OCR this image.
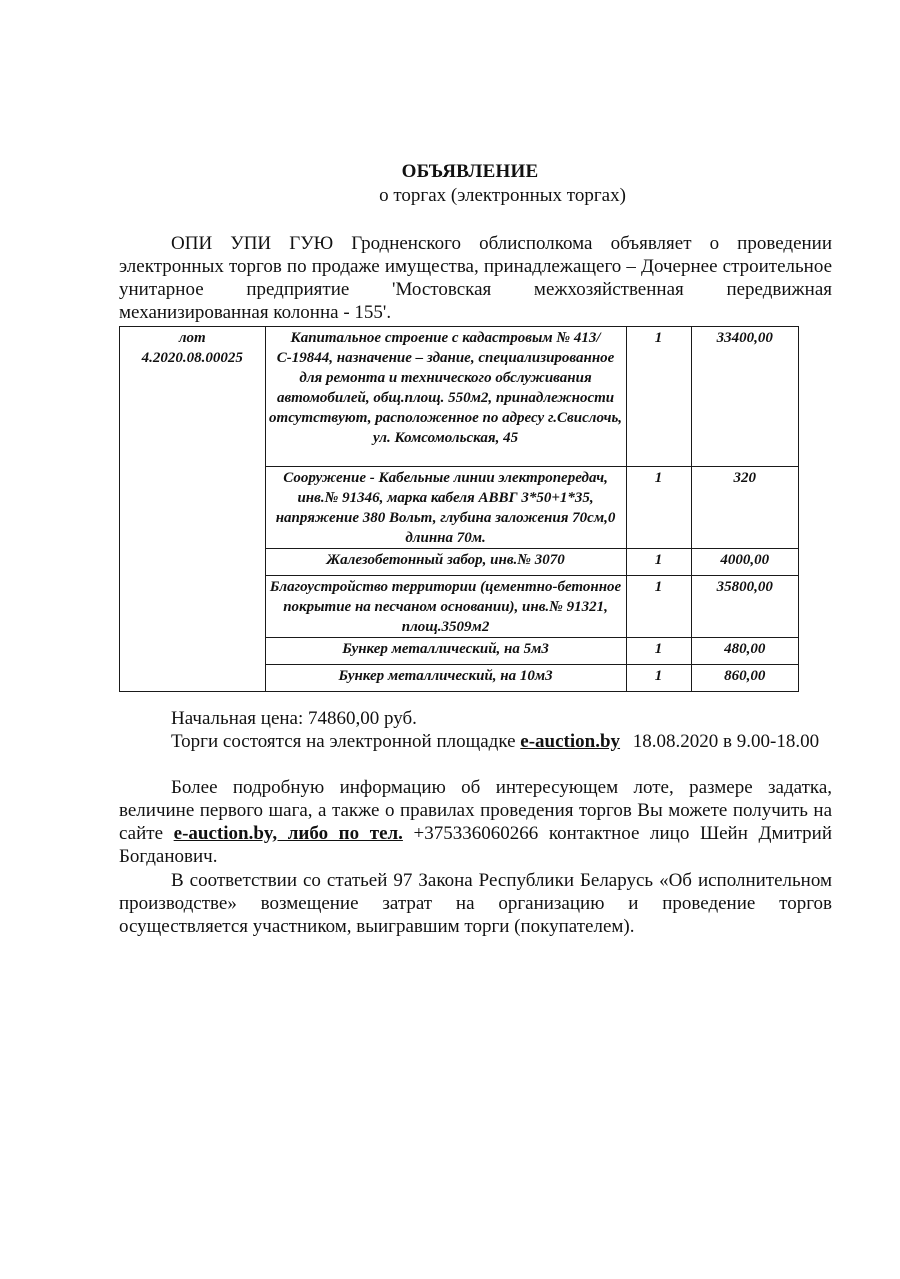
ОБЪЯВЛЕНИЕ
о торгах (электронных торгах)

ОПИ УПИ ГУЮ Гродненского облисполкома объявляет о проведении электронных торгов по продаже имущества, принадлежащего – Дочернее строительное унитарное предприятие 'Мостовская межхозяйственная передвижная механизированная колонна - 155'.

лот
4.2020.08.00025	Капитальное строение с кадастровым № 413/С-19844, назначение – здание, специализированное для ремонта и технического обслуживания автомобилей, общ.площ. 550м2, принадлежности отсутствуют, расположенное по адресу г.Свислочь, ул. Комсомольская, 45	1	33400,00
	Сооружение - Кабельные линии электропередач, инв.№ 91346, марка кабеля АВВГ 3*50+1*35, напряжение 380 Вольт, глубина заложения 70см,0 длинна 70м.	1	320
	Жалезобетонный забор, инв.№ 3070	1	4000,00
	Благоустройство территории (цементно-бетонное покрытие на песчаном основании), инв.№ 91321, площ.3509м2	1	35800,00
	Бункер металлический, на 5м3	1	480,00
	Бункер металлический, на 10м3	1	860,00

Начальная цена: 74860,00 руб.

Торги состоятся на электронной площадке e-auction.by 18.08.2020 в 9.00-18.00

Более подробную информацию об интересующем лоте, размере задатка, величине первого шага, а также о правилах проведения торгов Вы можете получить на сайте e-auction.by, либо по тел. +375336060266 контактное лицо Шейн Дмитрий Богданович.

В соответствии со статьей 97 Закона Республики Беларусь «Об исполнительном производстве» возмещение затрат на организацию и проведение торгов осуществляется участником, выигравшим торги (покупателем).
